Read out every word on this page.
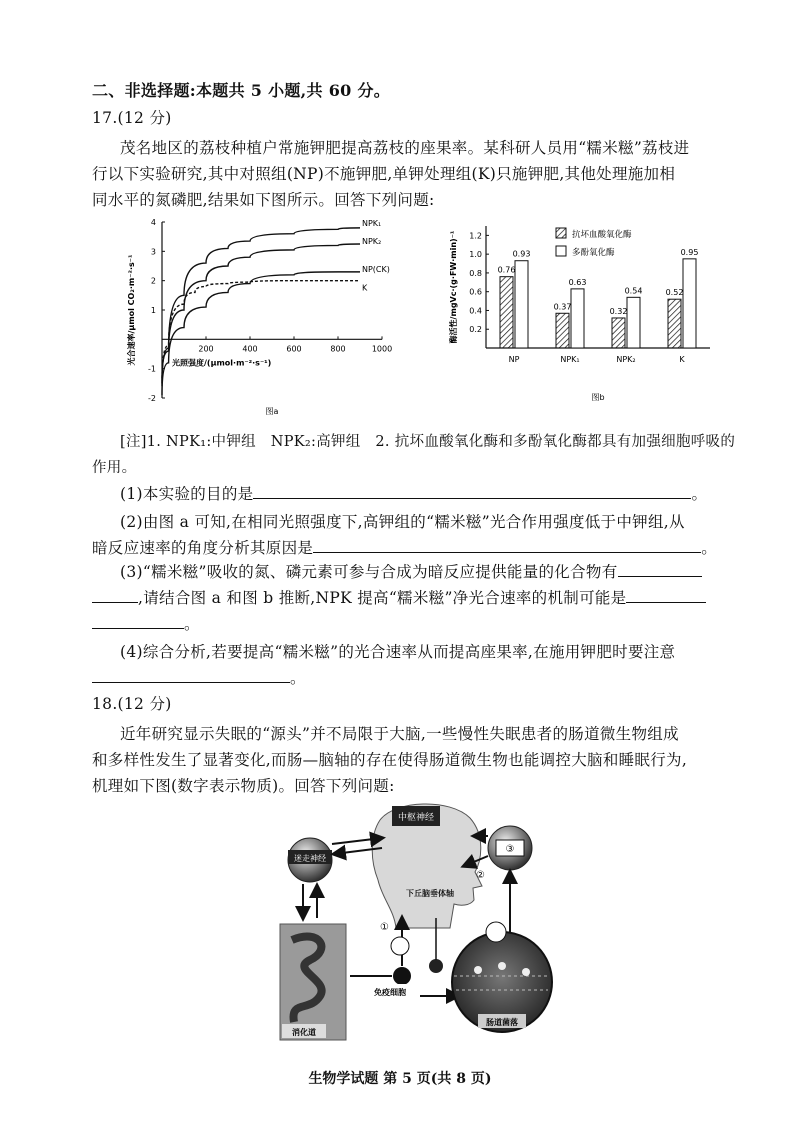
二、非选择题:本题共 5 小题,共 60 分。
17.(12 分)
茂名地区的荔枝种植户常施钾肥提高荔枝的座果率。某科研人员用“糯米糍”荔枝进
行以下实验研究,其中对照组(NP)不施钾肥,单钾处理组(K)只施钾肥,其他处理施加相
同水平的氮磷肥,结果如下图所示。回答下列问题:
200	400	600	800	1000
-2
-1
1
2
3
4
光照强度/(μmol·m⁻²·s⁻¹)
光合速率/μmol CO₂·m⁻²·s⁻¹
图a
NPK₁
NPK₂
NP(CK)
K
0.2
0.4
0.6
0.8
1.0
1.2
酶活性/mgVc·(g·FW·min)⁻¹
NP
0.76
0.93
NPK₁
0.37
0.63
NPK₂
0.32
0.54
K
0.52
0.95
抗坏血酸氧化酶
多酚氧化酶
图b
[注]1. NPK₁:中钾组　NPK₂:高钾组　2. 抗坏血酸氧化酶和多酚氧化酶都具有加强细胞呼吸的
作用。
(1)本实验的目的是	。
(2)由图 a 可知,在相同光照强度下,高钾组的“糯米糍”光合作用强度低于中钾组,从
暗反应速率的角度分析其原因是	。
(3)“糯米糍”吸收的氮、磷元素可参与合成为暗反应提供能量的化合物有
,请结合图 a 和图 b 推断,NPK 提高“糯米糍”净光合速率的机制可能是
。
(4)综合分析,若要提高“糯米糍”的光合速率从而提高座果率,在施用钾肥时要注意
。
18.(12 分)
近年研究显示失眠的“源头”并不局限于大脑,一些慢性失眠患者的肠道微生物组成
和多样性发生了显著变化,而肠—脑轴的存在使得肠道微生物也能调控大脑和睡眠行为,
机理如下图(数字表示物质)。回答下列问题:
中枢神经
下丘脑垂体轴
迷走神经
③
②
消化道
免疫细胞
①
肠道菌落
生物学试题 第 5 页(共 8 页)
